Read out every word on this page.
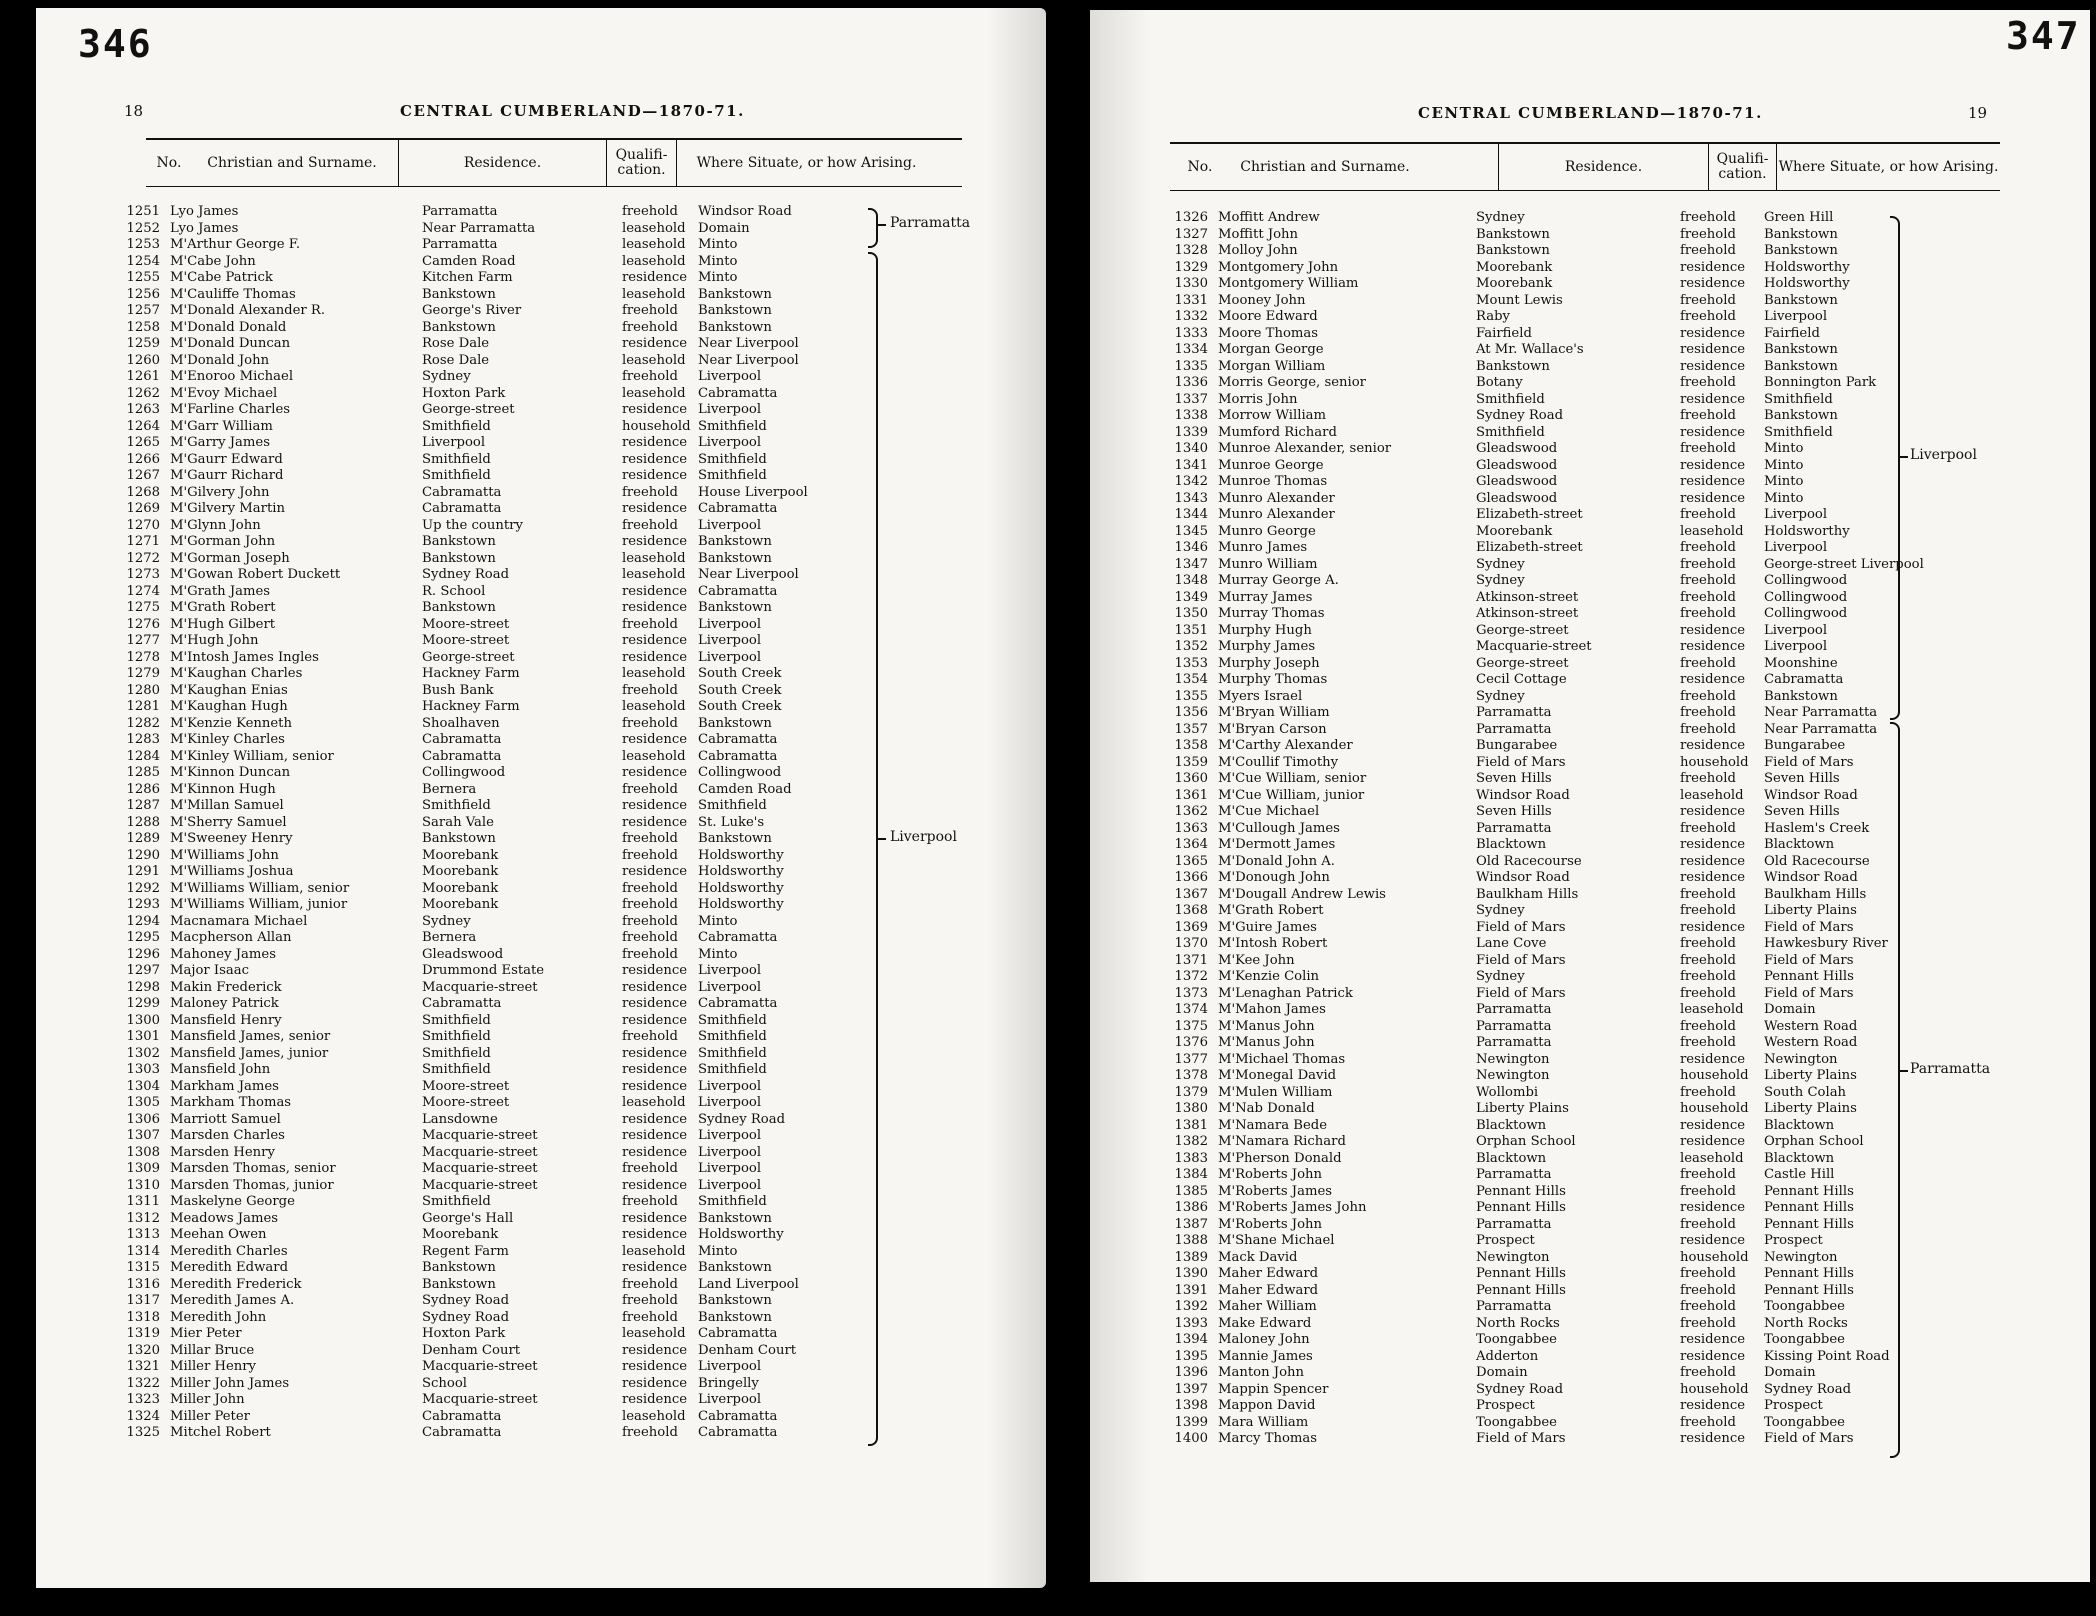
346
18	CENTRAL CUMBERLAND—1870-71.
No.	Christian and Surname.	Residence.	Qualifi-cation.	Where Situate, or how Arising.
1251 Lyo James	Parramatta	freehold Windsor Road
1252 Lyo James	Near Parramatta	leasehold Domain
1253 M'Arthur George F.	Parramatta	leasehold Minto
1254 M'Cabe John	Camden Road	leasehold Minto
1255 M'Cabe Patrick	Kitchen Farm	residence Minto
1256 M'Cauliffe Thomas	Bankstown	leasehold Bankstown
1257 M'Donald Alexander R.	George's River	freehold Bankstown
1258 M'Donald Donald	Bankstown	freehold Bankstown
1259 M'Donald Duncan	Rose Dale	residence Near Liverpool
1260 M'Donald John	Rose Dale	leasehold Near Liverpool
1261 M'Enoroo Michael	Sydney	freehold Liverpool
1262 M'Evoy Michael	Hoxton Park	leasehold Cabramatta
1263 M'Farline Charles	George-street	residence Liverpool
1264 M'Garr William	Smithfield	household Smithfield
1265 M'Garry James	Liverpool	residence Liverpool
1266 M'Gaurr Edward	Smithfield	residence Smithfield
1267 M'Gaurr Richard	Smithfield	residence Smithfield
1268 M'Gilvery John	Cabramatta	freehold House Liverpool
1269 M'Gilvery Martin	Cabramatta	residence Cabramatta
1270 M'Glynn John	Up the country	freehold Liverpool
1271 M'Gorman John	Bankstown	residence Bankstown
1272 M'Gorman Joseph	Bankstown	leasehold Bankstown
1273 M'Gowan Robert Duckett	Sydney Road	leasehold Near Liverpool
1274 M'Grath James	R. School	residence Cabramatta
1275 M'Grath Robert	Bankstown	residence Bankstown
1276 M'Hugh Gilbert	Moore-street	freehold Liverpool
1277 M'Hugh John	Moore-street	residence Liverpool
1278 M'Intosh James Ingles	George-street	residence Liverpool
1279 M'Kaughan Charles	Hackney Farm	leasehold South Creek
1280 M'Kaughan Enias	Bush Bank	freehold South Creek
1281 M'Kaughan Hugh	Hackney Farm	leasehold South Creek
1282 M'Kenzie Kenneth	Shoalhaven	freehold Bankstown
1283 M'Kinley Charles	Cabramatta	residence Cabramatta
1284 M'Kinley William, senior	Cabramatta	leasehold Cabramatta
1285 M'Kinnon Duncan	Collingwood	residence Collingwood
1286 M'Kinnon Hugh	Bernera	freehold Camden Road
1287 M'Millan Samuel	Smithfield	residence Smithfield
1288 M'Sherry Samuel	Sarah Vale	residence St. Luke's
1289 M'Sweeney Henry	Bankstown	freehold Bankstown
1290 M'Williams John	Moorebank	freehold Holdsworthy
1291 M'Williams Joshua	Moorebank	residence Holdsworthy
1292 M'Williams William, senior	Moorebank	freehold Holdsworthy
1293 M'Williams William, junior	Moorebank	freehold Holdsworthy
1294 Macnamara Michael	Sydney	freehold Minto
1295 Macpherson Allan	Bernera	freehold Cabramatta
1296 Mahoney James	Gleadswood	freehold Minto
1297 Major Isaac	Drummond Estate	residence Liverpool
1298 Makin Frederick	Macquarie-street	residence Liverpool
1299 Maloney Patrick	Cabramatta	residence Cabramatta
1300 Mansfield Henry	Smithfield	residence Smithfield
1301 Mansfield James, senior	Smithfield	freehold Smithfield
1302 Mansfield James, junior	Smithfield	residence Smithfield
1303 Mansfield John	Smithfield	residence Smithfield
1304 Markham James	Moore-street	residence Liverpool
1305 Markham Thomas	Moore-street	leasehold Liverpool
1306 Marriott Samuel	Lansdowne	residence Sydney Road
1307 Marsden Charles	Macquarie-street	residence Liverpool
1308 Marsden Henry	Macquarie-street	residence Liverpool
1309 Marsden Thomas, senior	Macquarie-street	freehold Liverpool
1310 Marsden Thomas, junior	Macquarie-street	residence Liverpool
1311 Maskelyne George	Smithfield	freehold Smithfield
1312 Meadows James	George's Hall	residence Bankstown
1313 Meehan Owen	Moorebank	residence Holdsworthy
1314 Meredith Charles	Regent Farm	leasehold Minto
1315 Meredith Edward	Bankstown	residence Bankstown
1316 Meredith Frederick	Bankstown	freehold Land Liverpool
1317 Meredith James A.	Sydney Road	freehold Bankstown
1318 Meredith John	Sydney Road	freehold Bankstown
1319 Mier Peter	Hoxton Park	leasehold Cabramatta
1320 Millar Bruce	Denham Court	residence Denham Court
1321 Miller Henry	Macquarie-street	residence Liverpool
1322 Miller John James	School	residence Bringelly
1323 Miller John	Macquarie-street	residence Liverpool
1324 Miller Peter	Cabramatta	leasehold Cabramatta
1325 Mitchel Robert	Cabramatta	freehold Cabramatta
Parramatta
Liverpool
347
19
CENTRAL CUMBERLAND—1870-71.
No.	Christian and Surname.	Residence.	Qualifi-cation. Where Situate, or how Arising.
1326 Moffitt Andrew	Sydney	freehold Green Hill
1327 Moffitt John	Bankstown	freehold Bankstown
1328 Molloy John	Bankstown	freehold Bankstown
1329 Montgomery John	Moorebank	residence Holdsworthy
1330 Montgomery William	Moorebank	residence Holdsworthy
1331 Mooney John	Mount Lewis	freehold Bankstown
1332 Moore Edward	Raby	freehold Liverpool
1333 Moore Thomas	Fairfield	residence Fairfield
1334 Morgan George	At Mr. Wallace's	residence Bankstown
1335 Morgan William	Bankstown	residence Bankstown
1336 Morris George, senior	Botany	freehold Bonnington Park
1337 Morris John	Smithfield	residence Smithfield
1338 Morrow William	Sydney Road	freehold Bankstown
1339 Mumford Richard	Smithfield	residence Smithfield
1340 Munroe Alexander, senior	Gleadswood	freehold Minto
1341 Munroe George	Gleadswood	residence Minto
1342 Munroe Thomas	Gleadswood	residence Minto
1343 Munro Alexander	Gleadswood	residence Minto
1344 Munro Alexander	Elizabeth-street	freehold Liverpool
1345 Munro George	Moorebank	leasehold Holdsworthy
1346 Munro James	Elizabeth-street	freehold Liverpool
1347 Munro William	Sydney	freehold George-street Liverpool
1348 Murray George A.	Sydney	freehold Collingwood
1349 Murray James	Atkinson-street	freehold Collingwood
1350 Murray Thomas	Atkinson-street	freehold Collingwood
1351 Murphy Hugh	George-street	residence Liverpool
1352 Murphy James	Macquarie-street	residence Liverpool
1353 Murphy Joseph	George-street	freehold Moonshine
1354 Murphy Thomas	Cecil Cottage	residence Cabramatta
1355 Myers Israel	Sydney	freehold Bankstown
1356 M'Bryan William	Parramatta	freehold Near Parramatta
1357 M'Bryan Carson	Parramatta	freehold Near Parramatta
1358 M'Carthy Alexander	Bungarabee	residence Bungarabee
1359 M'Coullif Timothy	Field of Mars	household Field of Mars
1360 M'Cue William, senior	Seven Hills	freehold Seven Hills
1361 M'Cue William, junior	Windsor Road	leasehold Windsor Road
1362 M'Cue Michael	Seven Hills	residence Seven Hills
1363 M'Cullough James	Parramatta	freehold Haslem's Creek
1364 M'Dermott James	Blacktown	residence Blacktown
1365 M'Donald John A.	Old Racecourse	residence Old Racecourse
1366 M'Donough John	Windsor Road	residence Windsor Road
1367 M'Dougall Andrew Lewis	Baulkham Hills	freehold Baulkham Hills
1368 M'Grath Robert	Sydney	freehold Liberty Plains
1369 M'Guire James	Field of Mars	residence Field of Mars
1370 M'Intosh Robert	Lane Cove	freehold Hawkesbury River
1371 M'Kee John	Field of Mars	freehold Field of Mars
1372 M'Kenzie Colin	Sydney	freehold Pennant Hills
1373 M'Lenaghan Patrick	Field of Mars	freehold Field of Mars
1374 M'Mahon James	Parramatta	leasehold Domain
1375 M'Manus John	Parramatta	freehold Western Road
1376 M'Manus John	Parramatta	freehold Western Road
1377 M'Michael Thomas	Newington	residence Newington
1378 M'Monegal David	Newington	household Liberty Plains
1379 M'Mulen William	Wollombi	freehold South Colah
1380 M'Nab Donald	Liberty Plains	household Liberty Plains
1381 M'Namara Bede	Blacktown	residence Blacktown
1382 M'Namara Richard	Orphan School	residence Orphan School
1383 M'Pherson Donald	Blacktown	leasehold Blacktown
1384 M'Roberts John	Parramatta	freehold Castle Hill
1385 M'Roberts James	Pennant Hills	freehold Pennant Hills
1386 M'Roberts James John	Pennant Hills	residence Pennant Hills
1387 M'Roberts John	Parramatta	freehold Pennant Hills
1388 M'Shane Michael	Prospect	residence Prospect
1389 Mack David	Newington	household Newington
1390 Maher Edward	Pennant Hills	freehold Pennant Hills
1391 Maher Edward	Pennant Hills	freehold Pennant Hills
1392 Maher William	Parramatta	freehold Toongabbee
1393 Make Edward	North Rocks	freehold North Rocks
1394 Maloney John	Toongabbee	residence Toongabbee
1395 Mannie James	Adderton	residence Kissing Point Road
1396 Manton John	Domain	freehold Domain
1397 Mappin Spencer	Sydney Road	household Sydney Road
1398 Mappon David	Prospect	residence Prospect
1399 Mara William	Toongabbee	freehold Toongabbee
1400 Marcy Thomas	Field of Mars	residence Field of Mars
Liverpool
Parramatta
